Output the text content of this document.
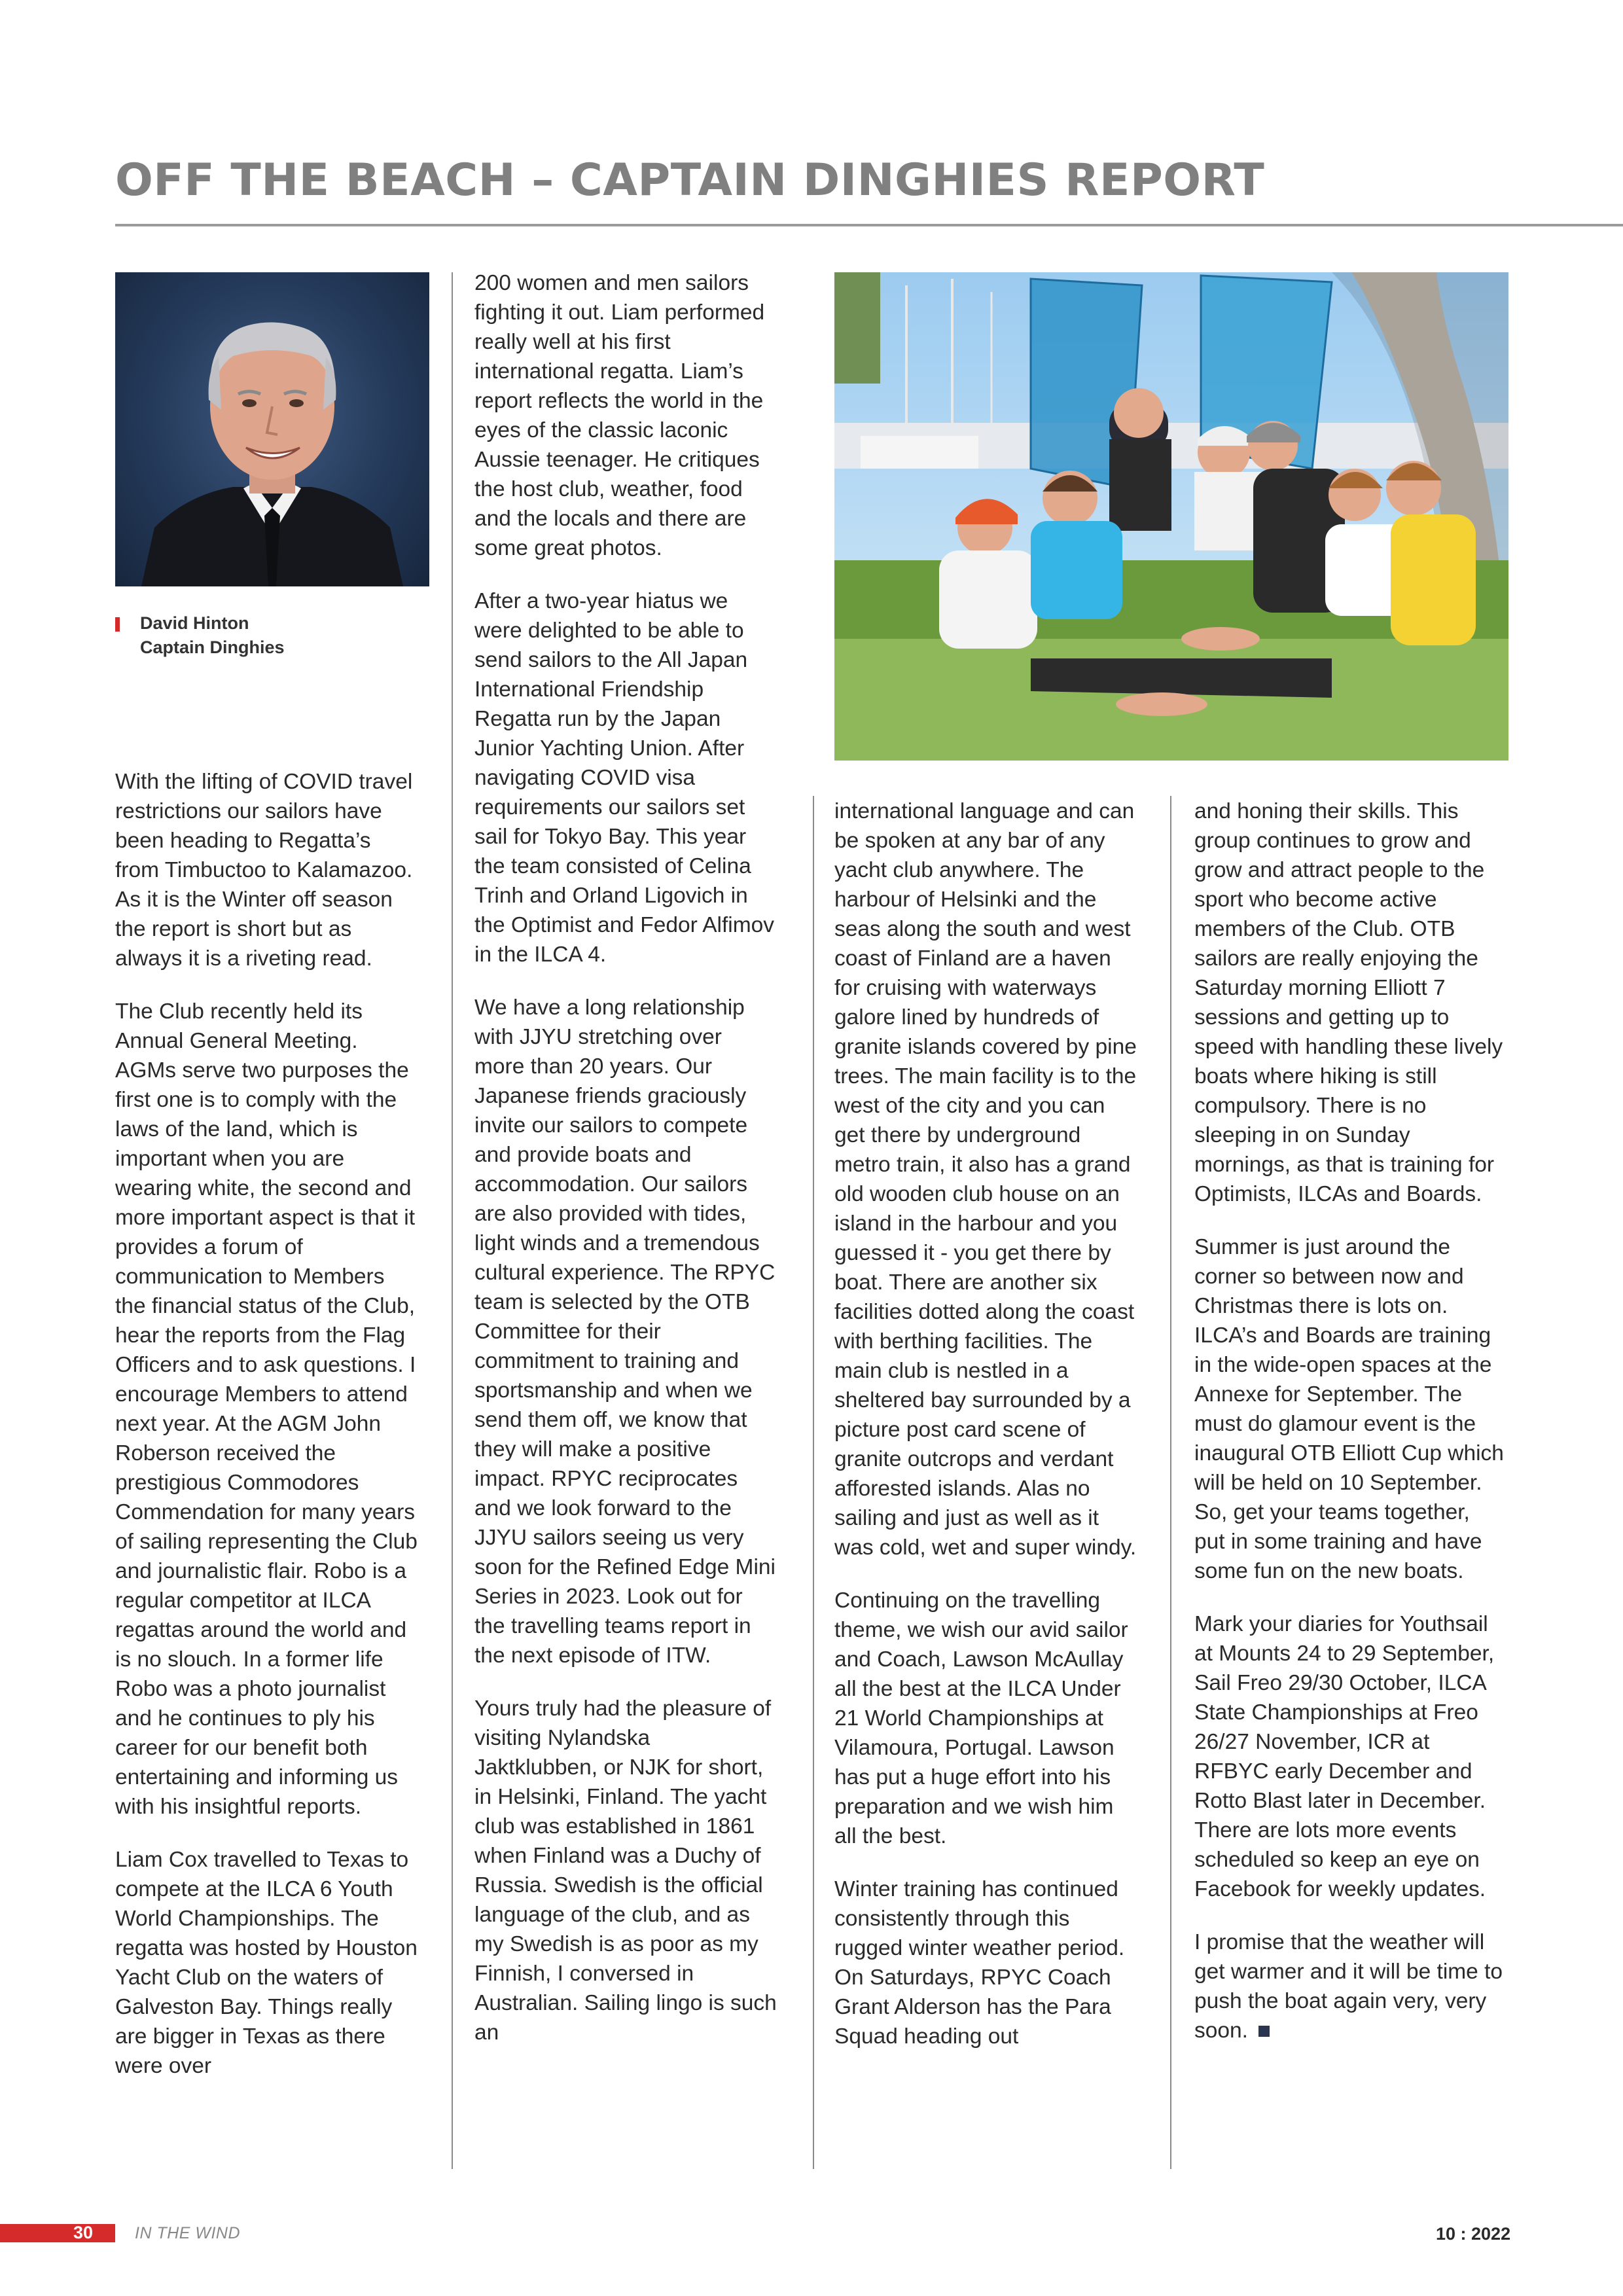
OFF THE BEACH – CAPTAIN DINGHIES REPORT
David Hinton
Captain Dinghies

With the lifting of COVID travel restrictions our sailors have been heading to Regatta’s from Timbuctoo to Kalamazoo. As it is the Winter off season the report is short but as always it is a riveting read.

The Club recently held its Annual General Meeting. AGMs serve two purposes the first one is to comply with the laws of the land, which is important when you are wearing white, the second and more important aspect is that it provides a forum of communication to Members the financial status of the Club, hear the reports from the Flag Officers and to ask questions. I encourage Members to attend next year. At the AGM John Roberson received the prestigious Commodores Commendation for many years of sailing representing the Club and journalistic flair. Robo is a regular competitor at ILCA regattas around the world and is no slouch. In a former life Robo was a photo journalist and he continues to ply his career for our benefit both entertaining and informing us with his insightful reports.

Liam Cox travelled to Texas to compete at the ILCA 6 Youth World Championships. The regatta was hosted by Houston Yacht Club on the waters of Galveston Bay. Things really are bigger in Texas as there were over

200 women and men sailors fighting it out. Liam performed really well at his first international regatta. Liam’s report reflects the world in the eyes of the classic laconic Aussie teenager. He critiques the host club, weather, food and the locals and there are some great photos.

After a two-year hiatus we were delighted to be able to send sailors to the All Japan International Friendship Regatta run by the Japan Junior Yachting Union. After navigating COVID visa requirements our sailors set sail for Tokyo Bay. This year the team consisted of Celina Trinh and Orland Ligovich in the Optimist and Fedor Alfimov in the ILCA 4.

We have a long relationship with JJYU stretching over more than 20 years. Our Japanese friends graciously invite our sailors to compete and provide boats and accommodation. Our sailors are also provided with tides, light winds and a tremendous cultural experience. The RPYC team is selected by the OTB Committee for their commitment to training and sportsmanship and when we send them off, we know that they will make a positive impact. RPYC reciprocates and we look forward to the JJYU sailors seeing us very soon for the Refined Edge Mini Series in 2023. Look out for the travelling teams report in the next episode of ITW.

Yours truly had the pleasure of visiting Nylandska Jaktklubben, or NJK for short, in Helsinki, Finland. The yacht club was established in 1861 when Finland was a Duchy of Russia. Swedish is the official language of the club, and as my Swedish is as poor as my Finnish, I conversed in Australian. Sailing lingo is such an

international language and can be spoken at any bar of any yacht club anywhere. The harbour of Helsinki and the seas along the south and west coast of Finland are a haven for cruising with waterways galore lined by hundreds of granite islands covered by pine trees. The main facility is to the west of the city and you can get there by underground metro train, it also has a grand old wooden club house on an island in the harbour and you guessed it - you get there by boat. There are another six facilities dotted along the coast with berthing facilities. The main club is nestled in a sheltered bay surrounded by a picture post card scene of granite outcrops and verdant afforested islands. Alas no sailing and just as well as it was cold, wet and super windy.

Continuing on the travelling theme, we wish our avid sailor and Coach, Lawson McAullay all the best at the ILCA Under 21 World Championships at Vilamoura, Portugal. Lawson has put a huge effort into his preparation and we wish him all the best.

Winter training has continued consistently through this rugged winter weather period. On Saturdays, RPYC Coach Grant Alderson has the Para Squad heading out

and honing their skills. This group continues to grow and grow and attract people to the sport who become active members of the Club. OTB sailors are really enjoying the Saturday morning Elliott 7 sessions and getting up to speed with handling these lively boats where hiking is still compulsory. There is no sleeping in on Sunday mornings, as that is training for Optimists, ILCAs and Boards.

Summer is just around the corner so between now and Christmas there is lots on. ILCA’s and Boards are training in the wide-open spaces at the Annexe for September. The must do glamour event is the inaugural OTB Elliott Cup which will be held on 10 September. So, get your teams together, put in some training and have some fun on the new boats.

Mark your diaries for Youthsail at Mounts 24 to 29 September, Sail Freo 29/30 October, ILCA State Championships at Freo 26/27 November, ICR at RFBYC early December and Rotto Blast later in December. There are lots more events scheduled so keep an eye on Facebook for weekly updates.

I promise that the weather will get warmer and it will be time to push the boat again very, very soon.

30	IN THE WIND	10 : 2022
